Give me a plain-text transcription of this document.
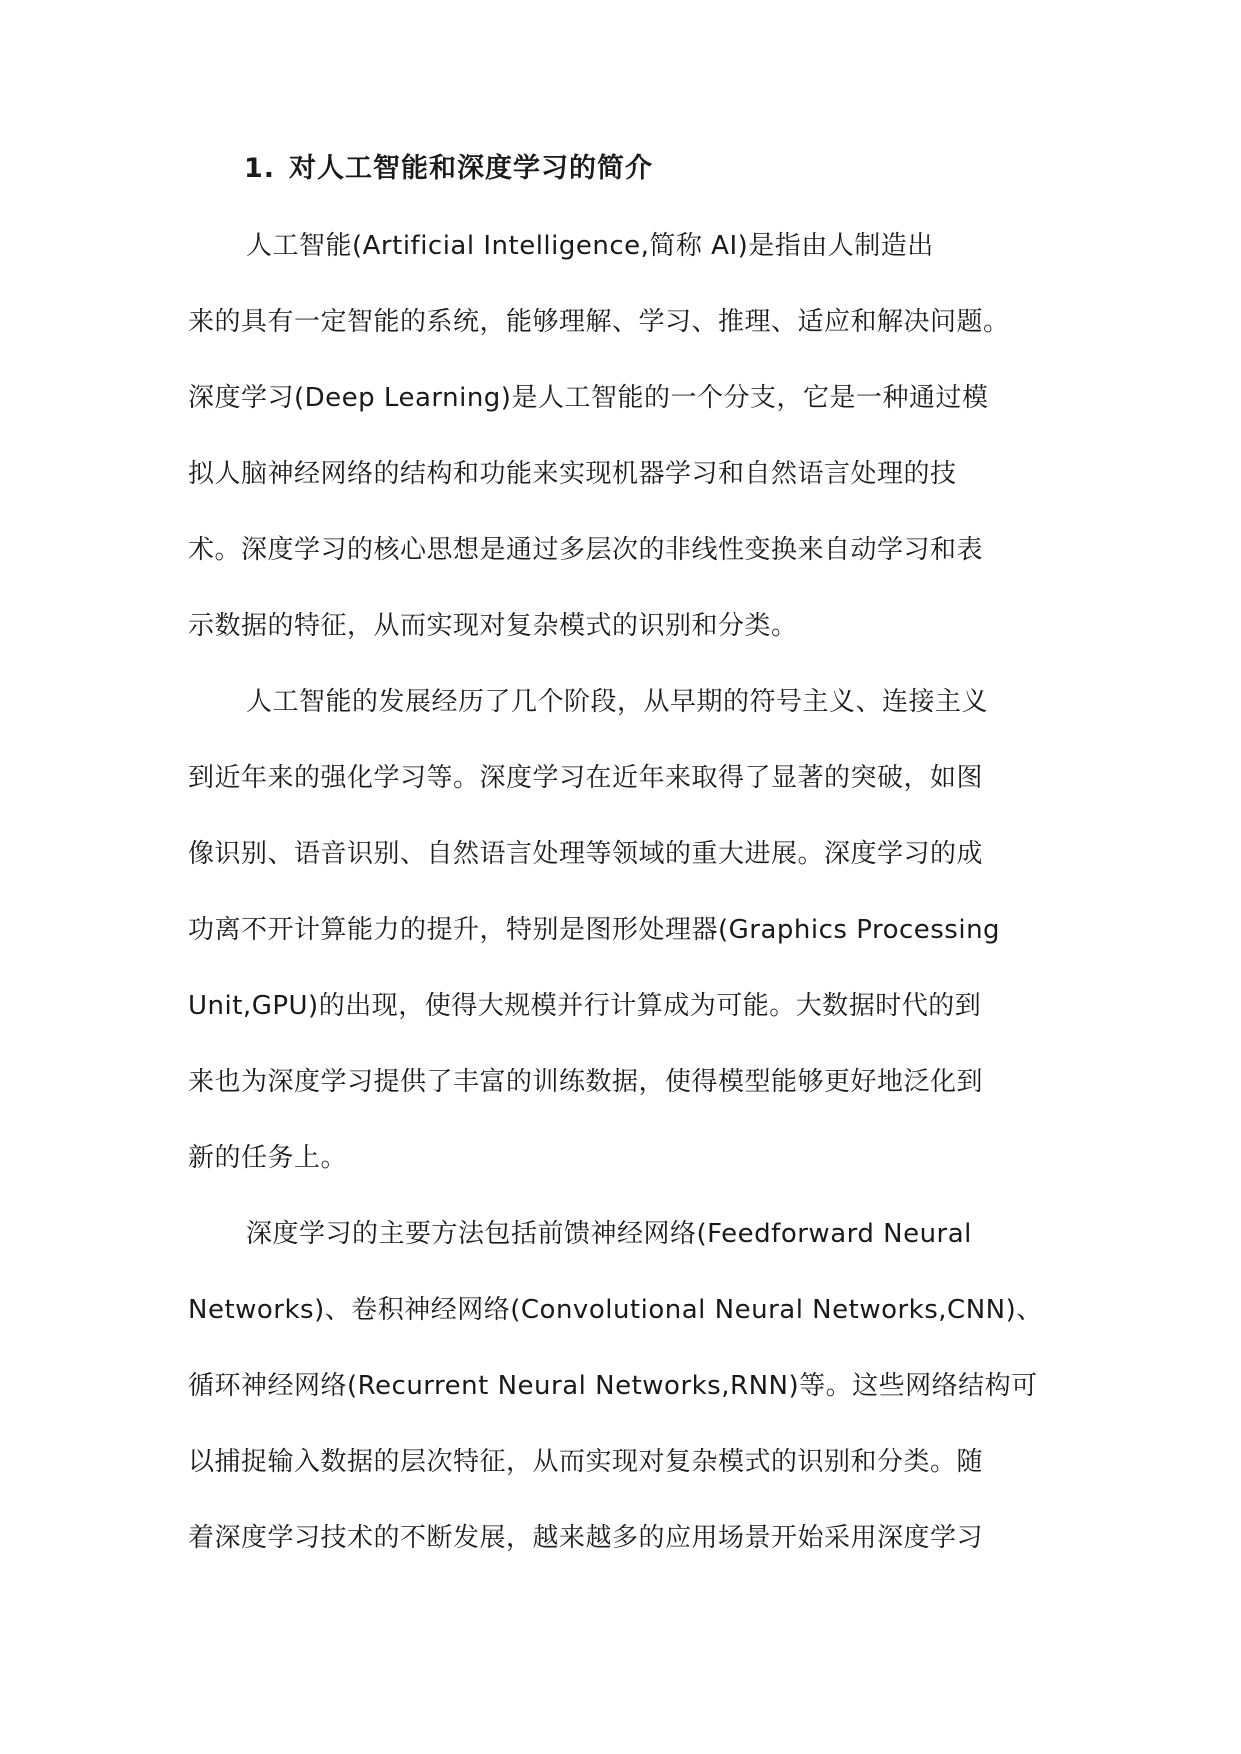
1. 对人工智能和深度学习的简介

人工智能(Artificial Intelligence,简称 AI)是指由人制造出
来的具有一定智能的系统，能够理解、学习、推理、适应和解决问题。
深度学习(Deep Learning)是人工智能的一个分支，它是一种通过模
拟人脑神经网络的结构和功能来实现机器学习和自然语言处理的技
术。深度学习的核心思想是通过多层次的非线性变换来自动学习和表
示数据的特征，从而实现对复杂模式的识别和分类。

人工智能的发展经历了几个阶段，从早期的符号主义、连接主义
到近年来的强化学习等。深度学习在近年来取得了显著的突破，如图
像识别、语音识别、自然语言处理等领域的重大进展。深度学习的成
功离不开计算能力的提升，特别是图形处理器(Graphics Processing
Unit,GPU)的出现，使得大规模并行计算成为可能。大数据时代的到
来也为深度学习提供了丰富的训练数据，使得模型能够更好地泛化到
新的任务上。

深度学习的主要方法包括前馈神经网络(Feedforward Neural
Networks)、卷积神经网络(Convolutional Neural Networks,CNN)、
循环神经网络(Recurrent Neural Networks,RNN)等。这些网络结构可
以捕捉输入数据的层次特征，从而实现对复杂模式的识别和分类。随
着深度学习技术的不断发展，越来越多的应用场景开始采用深度学习
